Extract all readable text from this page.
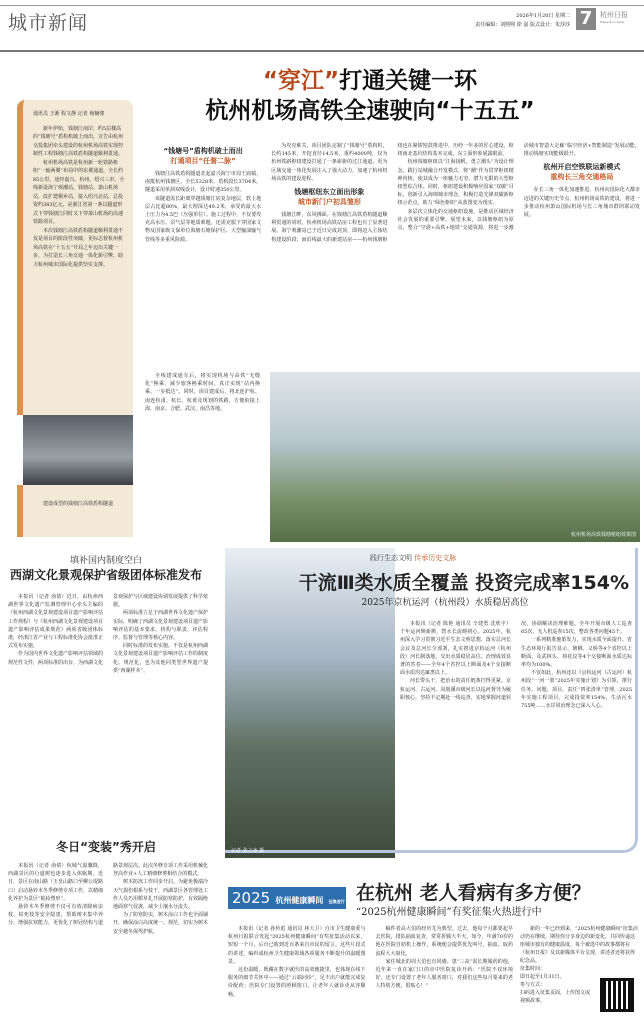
城市新闻	2026年1月20日 星期二
责任编辑：刘熙熙 徐 滋 版式设计：朱莎莎 7	杭州日报
Hangzhou Daily
“穿江”打通关键一环
杭州机场高铁全速驶向“十五五”
通讯员 王淅 程文静 记者 杨楠骏

新年伊始，钱塘江南岸，约5层楼高的“钱塘号”盾构机破土而出，宣告由杭州交投集团牵头建设的杭州机场高铁实现控制性工程钱塘江高铁盾构隧道顺利贯通。

杭州机场高铁是杭州新一轮铁路枢纽“一轴两翼”布局中的东翼通道，全长约85公里，途经嘉兴、杭州、绍兴三市，全线新设海宁观潮站、钱塘站、萧山机场站，改扩建桐乡站，接入绍兴北站，总投资约383亿元，是浙江省第一条以隧道形式下穿钱塘江同时又下穿萧山机场的高速铁路项目。

本次钱塘江高铁盾构隧道顺利贯通不仅是项目的阶段性突破，更标志着杭州机场高铁在“十五五”开局之年迈出关键一步，为打造长三角交通一体化新引擎、助力杭州城市国际化提供坚实支撑。

建设成型的钱塘江高铁盾构隧道
“钱塘号”盾构机破土而出
打通项目“任督二脉”

钱塘江高铁盾构隧道北起嘉兴海宁市周王庙镇，南抵杭州钱塘区，全长5328米，盾构段长3704米。隧道采用单洞双线设计，设计时速350公里。

该隧道需长距离穿越钱塘江底复杂地层，软土地层占比超80%，最大埋深达49.2米，承受的最大水土压力为4.5巴（压强单位）。施工过程中，不仅要攻克高水压、沼气层等地质难题，还需克服下穿国家文物及国家级文保单位海塘石塘保护区、大型输油输气管线等多重风险源。

为攻克难关，项目团队定制了“钱塘号”盾构机，长约145米，开挖直径14.5米，重约4000吨，仅为杭州铁路枢纽建设打通了一条崭新的过江通道，更为区域交通一体化发展注入了强大动力，加速了杭州机场高铁的建设进程。

钱塘枢纽东立面出形象
城市新门户初具雏形

钱塘江畔，东风拂面。在钱塘江高铁盾构隧道顺利贯通的同时，杭州机场高铁站房工程也有了显著进展。海宁观潮站已于近日完成封顶，即将迈入主体结构建设阶段；而沿线最大的新建站房——杭州钱塘枢纽也在紧锣密鼓推进中。历经一年多的匠心建设，枢纽南北基坑结构基本完成，东立面形象展露眼前。

杭州钱塘枢纽以“江海扬帆、勇立潮头”为设计理念，践行站城融合开发模式，将“潮”作为贯穿枢纽精神内核，使其成为一座魅力无穷、潜力无限的大型枢纽型综合体。同时，枢纽建设积极响应国家“双碳”目标，创新引入海绵城市理念，积极打造先锋双碳新枢纽示范点，助力“绿色枢纽”从蓝图变为现实。

多层次立体化的交通枢纽设施，是推动区域经济社会发展的重要引擎。展望未来，以钱塘枢纽为原点，整合“空港+高铁+地铁”交通资源，将进一步激活城市智造大走廊“临空经济+智能制造”发展动能，推动钱塘实现能级跃升。

杭州开启空铁联运新模式
重构长三角交通格局

在长三角一体化加速推进、杭州向国际化大都市迈进的关键历史节点，杭州机场高铁的建设，将进一步推动杭州萧山国际机场与长三角城市群的联动发展。

全线建成通车后，将实现机场与高铁“无缝化”换乘，减少旅客换乘时间，真正实现“站内换乘、一步抵达”。同时，项目建成后，将北连沪杭、南连杭甬、杭长、杭黄及规划的铁路，方便衔接上海、南京、合肥、武汉、南昌等地。

杭州机场高铁钱塘枢纽效果图
填补国内制度空白
西湖文化景观保护省级团体标准发布

本报讯（记者 俞倩）近日，由杭州西湖世界文化遗产监测管理中心牵头主编的《杭州西湖文化景观建设项目遗产影响评估工作规程》与《杭州西湖文化景观建设项目遗产影响评估成果规范》两项省级团体标准，经浙江省产业与工程标准化协会批准正式发布实施。

作为国内世界文化遗产影响评估领域的规范性文件，两项标准的出台，为西湖文化景观保护与区域建设协调发展提供了科学依据。

两项标准立足于西湖世界文化遗产保护实际，明确了西湖文化景观建设项目遗产影响评估的基本要求、机构与职责、评估程序、监督与管理等核心内容。

同时标准的发布实施，不仅是杭州西湖文化景观建设项目遗产影响评估工作的制度化、规范化，也为其他同类型世界遗产提供“西湖样本”。

冬日“变装”秀开启

本报讯（记者 俞倩）杭城气温骤降，西湖景区的行道树也逐步进入休眠期。近日，景区在南山路（玉皇山路口至柳公堤路口）启动悬铃木冬季修剪专项工作，以精细化养护为景区“梳妆塑形”。

悬铃木冬季修剪不仅可有效清除病虫枝、枯死枝等安全隐患，帮助树木集中养分、增强抗寒能力，更优化了树冠结构与道路景观层次。此次冬修专项工作采用机械化登高作业+人工精细修剪相结合的模式。

树木防冻工作同步开启。为避免极端冷天气损伤根系与枝干，西湖景区各管理处工作人员巧用稻草扎开展防寒防护，有效隔绝地面寒气侵袭，减少土壤水分流失。

为了防寒防虫，树木涂白工作也全面铺开，确保涂白高度统一、规范，切实为树木安全越冬保驾护航。

践行生态文明 传承历史文脉
干流Ⅲ类水质全覆盖 投资完成率154%
2025年京杭运河（杭州段）水质稳居高位

本报讯（记者 陈艳 通讯员 辛建勇 沈欣宇）千年运河焕新颜，碧水长流映初心。2025年，杭州深入学习贯彻习近平生态文明思想，落实总河长会议及总河长令部署，扎实推进京杭运河（杭州段）河长制落地，交出水质稳居高位、治理成效显著的答卷——全年4个省控以上断面及4个交接断面水质均达Ⅲ类以上。

河长带头干，把治水的责任链条拧得更紧。京杭运河、古运河、凤凰溪市级河长以巡河督导为履职核心，坚持不定期赴一线巡查，实地掌握河道状况，协调解决治理难题。全年开展市级人工巡查65次，无人机巡查15次，整改各类问题45个。

一系列精准施策发力，实现水质全面提升。省生态环境厅报告显示，塘栖、义桥等4个省控以上断面，及武林头、荷花坟等4个交接断面水质达标率均为100%。

不仅如此，杭州还以《京杭运河（古运河）杭州段“一河一策”2025年实施计划》为引领，推行任务、问题、项目、责任“四张清单”管理，2025年实施工程项目，完成投资率154%，生活污水755吨……水岸同治理念已深入人心。

记者 张之冰 摄
2025 杭州健康瞬间 征集进行中
在杭州 老人看病有多方便？
“2025杭州健康瞬间”有奖征集火热进行中

本报讯（记者 孙传彪 通讯员 林大卫）自市卫生健康委与杭州日报联合发起“2025杭州健康瞬间”有奖征集活动以来，短短一个月，后台已收到近百条来自市民的留言。这些片段式的讲述，编织成杭州卫生健康领域各项服务不断提升的温暖图景。

这份温暖，既藏在数字就医的高效便捷里，也体现在线下服务的细节关怀中——通过“云端问诊”，足不出户就能完成复诊配药；医院专门设置的照顾窗口，让老年人就诊更从容顺畅。

稿件者高大伯的经历尤为典型。过去，他每个月都要起早去医院，排队抽血复查，常常折腾大半天。如今，年满70岁的他在医院自助机上操作，系统便会提供优先叫号，抽血、取药流程大大简化。

家住城北的周大伯也有同感。患“三高”需长期服药的他，近年来一直在家门口的市中医院复诊开药：“医院不仅环境好，还专门设置了老年人服务窗口，对我们这些每月要来的老人特别方便，很贴心！”

新的一年已经到来，“2025杭州健康瞬间”征集活动仍在继续，期待你分享身边的新变化，共同传递这座城市独有的健康温度。每个被选中的故事都将在《杭州日报》及其新媒体平台呈现，讲述者还将获得纪念品。

征集时间：

即日起至1月31日。

参与方式：

扫码进入征集页面，上传图文或视频故事。
